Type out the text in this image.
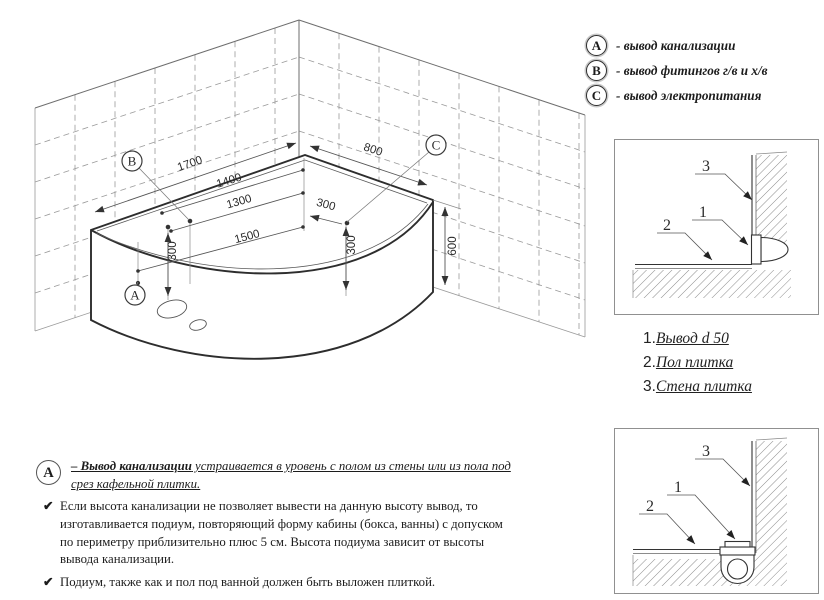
1700
800
1400
1300
1500
300
300
300	600
B
C
A
A	- вывод канализации
B	- вывод фитингов г/в и х/в
C	- вывод электропитания
3
1
2
1. Вывод d 50
2. Пол плитка
3. Стена плитка
3
1
2
А	– Вывод канализации устраивается в уровень с полом из стены или из пола под срез кафельной плитки.
✔ Если высота канализации не позволяет вывести на данную высоту вывод, то изготавливается подиум, повторяющий форму кабины (бокса, ванны) с допуском по периметру приблизительно плюс 5 см. Высота подиума зависит от высоты вывода канализации.
✔ Подиум, также как и пол под ванной должен быть выложен плиткой.
